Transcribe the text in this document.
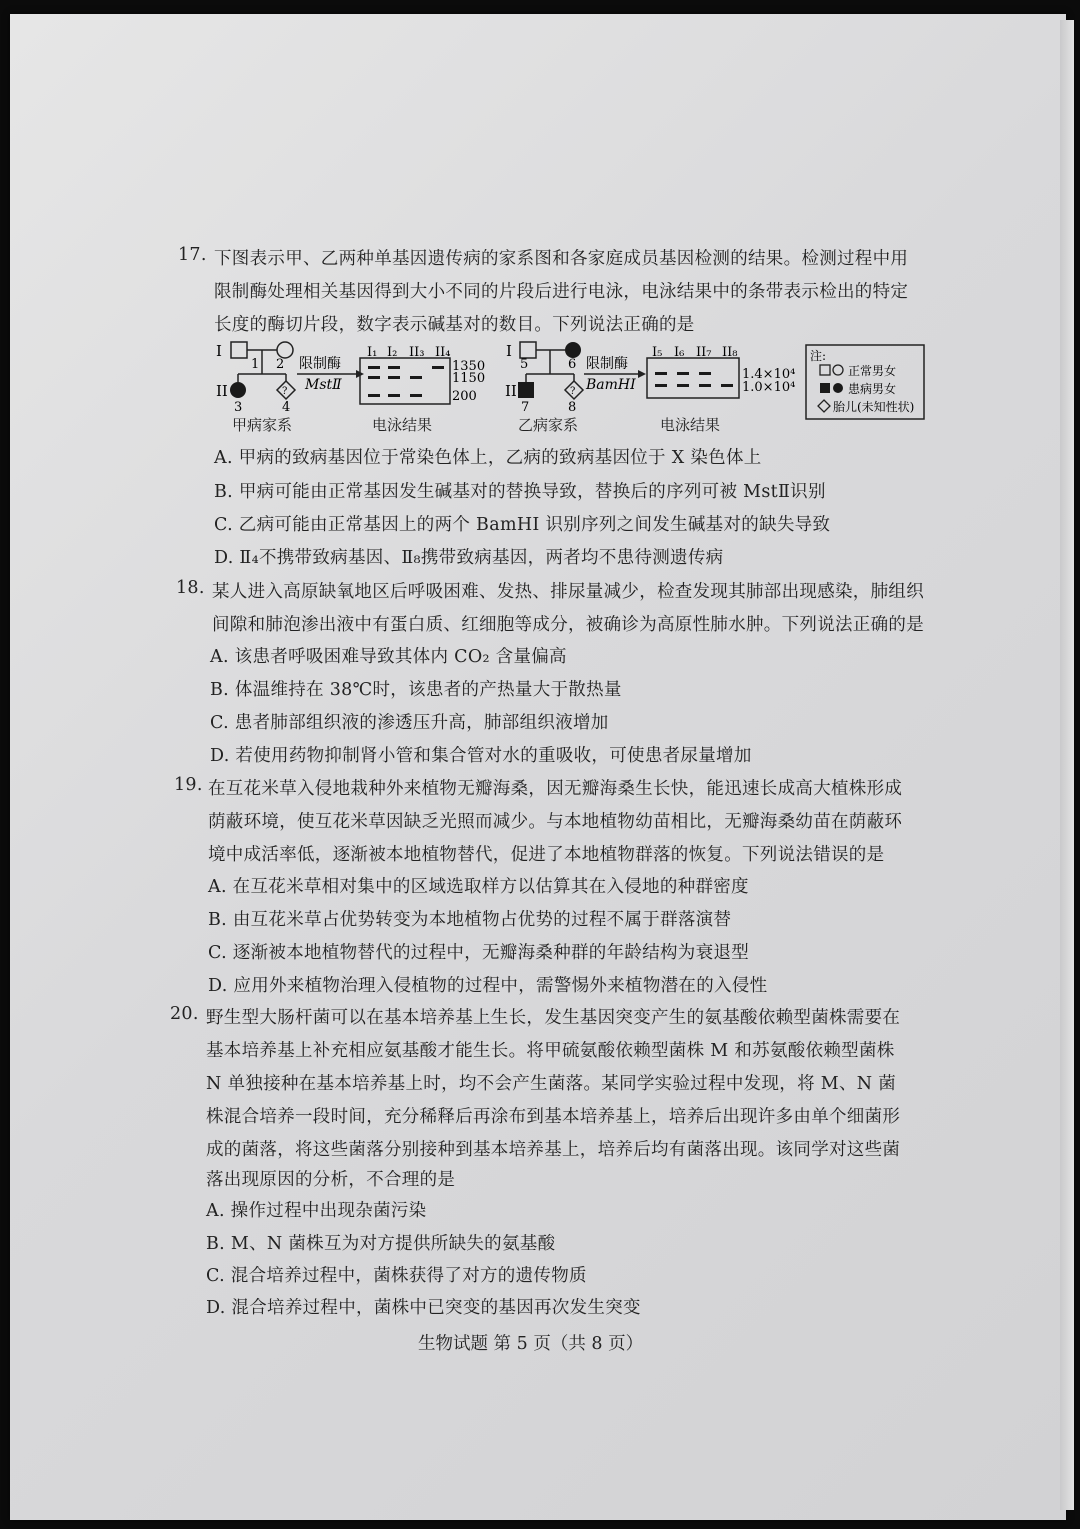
17. 下图表示甲、乙两种单基因遗传病的家系图和各家庭成员基因检测的结果。检测过程中用
限制酶处理相关基因得到大小不同的片段后进行电泳，电泳结果中的条带表示检出的特定
长度的酶切片段，数字表示碱基对的数目。下列说法正确的是
I
1 2
II	?
3	4
限制酶
MstⅡ
I₁ I₂ II₃ II₄
1350
1150
200
I
5	6
II	?
7	8
限制酶
BamHI
I₅ I₆ II₇ II₈
1.4×10⁴
1.0×10⁴
注:
正常男女
患病男女
胎儿(未知性状)
甲病家系	电泳结果	乙病家系	电泳结果
A. 甲病的致病基因位于常染色体上，乙病的致病基因位于 X 染色体上
B. 甲病可能由正常基因发生碱基对的替换导致，替换后的序列可被 MstⅡ识别
C. 乙病可能由正常基因上的两个 BamHI 识别序列之间发生碱基对的缺失导致
D. Ⅱ₄不携带致病基因、Ⅱ₈携带致病基因，两者均不患待测遗传病
18. 某人进入高原缺氧地区后呼吸困难、发热、排尿量减少，检查发现其肺部出现感染，肺组织
间隙和肺泡渗出液中有蛋白质、红细胞等成分，被确诊为高原性肺水肿。下列说法正确的是
A. 该患者呼吸困难导致其体内 CO₂ 含量偏高
B. 体温维持在 38℃时，该患者的产热量大于散热量
C. 患者肺部组织液的渗透压升高，肺部组织液增加
D. 若使用药物抑制肾小管和集合管对水的重吸收，可使患者尿量增加
19. 在互花米草入侵地栽种外来植物无瓣海桑，因无瓣海桑生长快，能迅速长成高大植株形成
荫蔽环境，使互花米草因缺乏光照而减少。与本地植物幼苗相比，无瓣海桑幼苗在荫蔽环
境中成活率低，逐渐被本地植物替代，促进了本地植物群落的恢复。下列说法错误的是
A. 在互花米草相对集中的区域选取样方以估算其在入侵地的种群密度
B. 由互花米草占优势转变为本地植物占优势的过程不属于群落演替
C. 逐渐被本地植物替代的过程中，无瓣海桑种群的年龄结构为衰退型
D. 应用外来植物治理入侵植物的过程中，需警惕外来植物潜在的入侵性
20. 野生型大肠杆菌可以在基本培养基上生长，发生基因突变产生的氨基酸依赖型菌株需要在
基本培养基上补充相应氨基酸才能生长。将甲硫氨酸依赖型菌株 M 和苏氨酸依赖型菌株
N 单独接种在基本培养基上时，均不会产生菌落。某同学实验过程中发现，将 M、N 菌
株混合培养一段时间，充分稀释后再涂布到基本培养基上，培养后出现许多由单个细菌形
成的菌落，将这些菌落分别接种到基本培养基上，培养后均有菌落出现。该同学对这些菌
落出现原因的分析，不合理的是
A. 操作过程中出现杂菌污染
B. M、N 菌株互为对方提供所缺失的氨基酸
C. 混合培养过程中，菌株获得了对方的遗传物质
D. 混合培养过程中，菌株中已突变的基因再次发生突变
生物试题 第 5 页（共 8 页）
